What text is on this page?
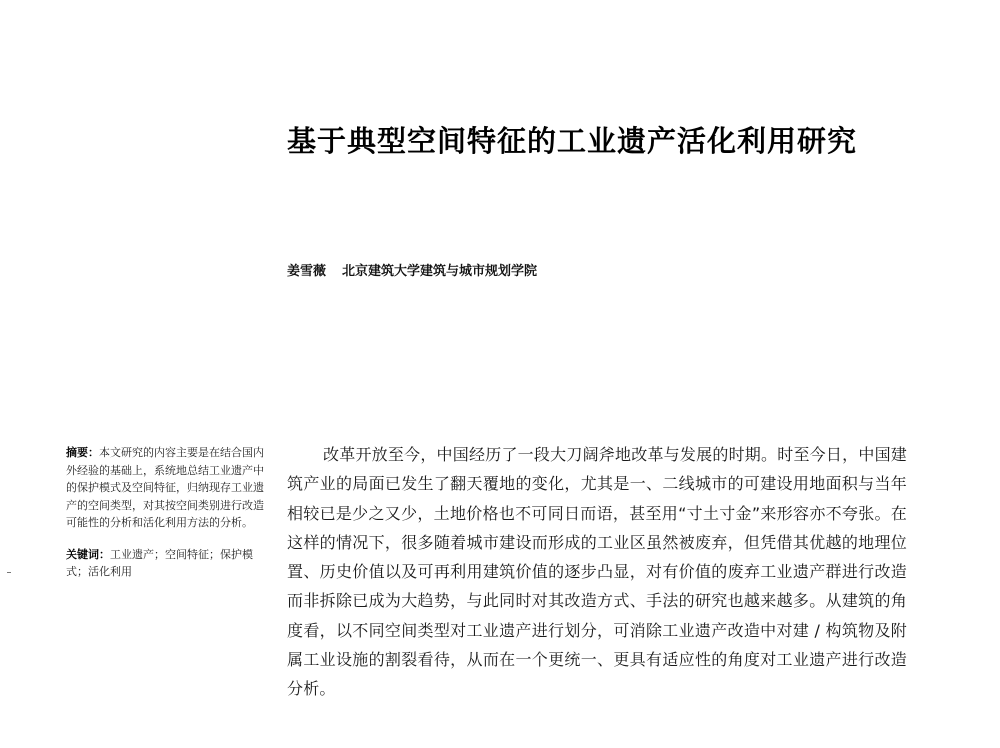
基于典型空间特征的工业遗产活化利用研究
姜雪薇 北京建筑大学建筑与城市规划学院

摘要：本文研究的内容主要是在结合国内外经验的基础上，系统地总结工业遗产中的保护模式及空间特征，归纳现存工业遗产的空间类型，对其按空间类别进行改造可能性的分析和活化利用方法的分析。

关键词：工业遗产；空间特征；保护模式；活化利用

改革开放至今，中国经历了一段大刀阔斧地改革与发展的时期。时至今日，中国建筑产业的局面已发生了翻天覆地的变化，尤其是一、二线城市的可建设用地面积与当年相较已是少之又少，土地价格也不可同日而语，甚至用“寸土寸金”来形容亦不夸张。在这样的情况下，很多随着城市建设而形成的工业区虽然被废弃，但凭借其优越的地理位置、历史价值以及可再利用建筑价值的逐步凸显，对有价值的废弃工业遗产群进行改造而非拆除已成为大趋势，与此同时对其改造方式、手法的研究也越来越多。从建筑的角度看，以不同空间类型对工业遗产进行划分，可消除工业遗产改造中对建 / 构筑物及附属工业设施的割裂看待，从而在一个更统一、更具有适应性的角度对工业遗产进行改造分析。
